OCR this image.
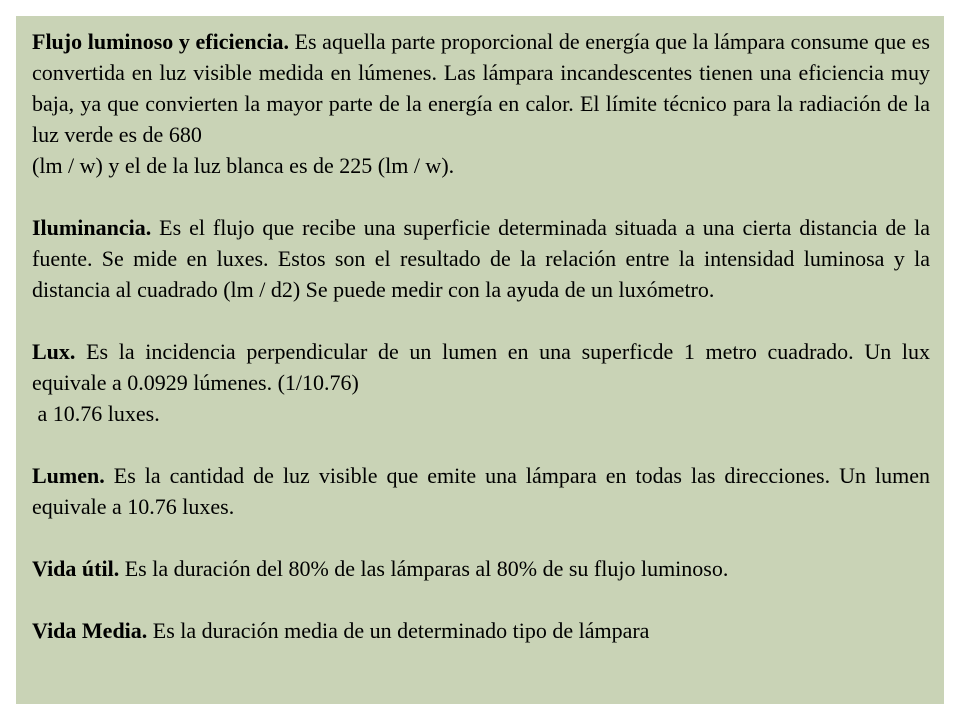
Flujo luminoso y eficiencia. Es aquella parte proporcional de energía que la lámpara consume que es convertida en luz visible medida en lúmenes. Las lámpara incandescentes tienen una eficiencia muy baja, ya que convierten la mayor parte de la energía en calor. El límite técnico para la radiación de la luz verde es de 680
(lm / w) y el de la luz blanca es de 225 (lm / w).

Iluminancia. Es el flujo que recibe una superficie determinada situada a una cierta distancia de la fuente. Se mide en luxes. Estos son el resultado de la relación entre la intensidad luminosa y la distancia al cuadrado (lm / d2) Se puede medir con la ayuda de un luxómetro.

Lux. Es la incidencia perpendicular de un lumen en una superficde 1 metro cuadrado. Un lux equivale a 0.0929 lúmenes. (1/10.76)
a 10.76 luxes.

Lumen. Es la cantidad de luz visible que emite una lámpara en todas las direcciones. Un lumen equivale a 10.76 luxes.

Vida útil. Es la duración del 80% de las lámparas al 80% de su flujo luminoso.

Vida Media. Es la duración media de un determinado tipo de lámpara
